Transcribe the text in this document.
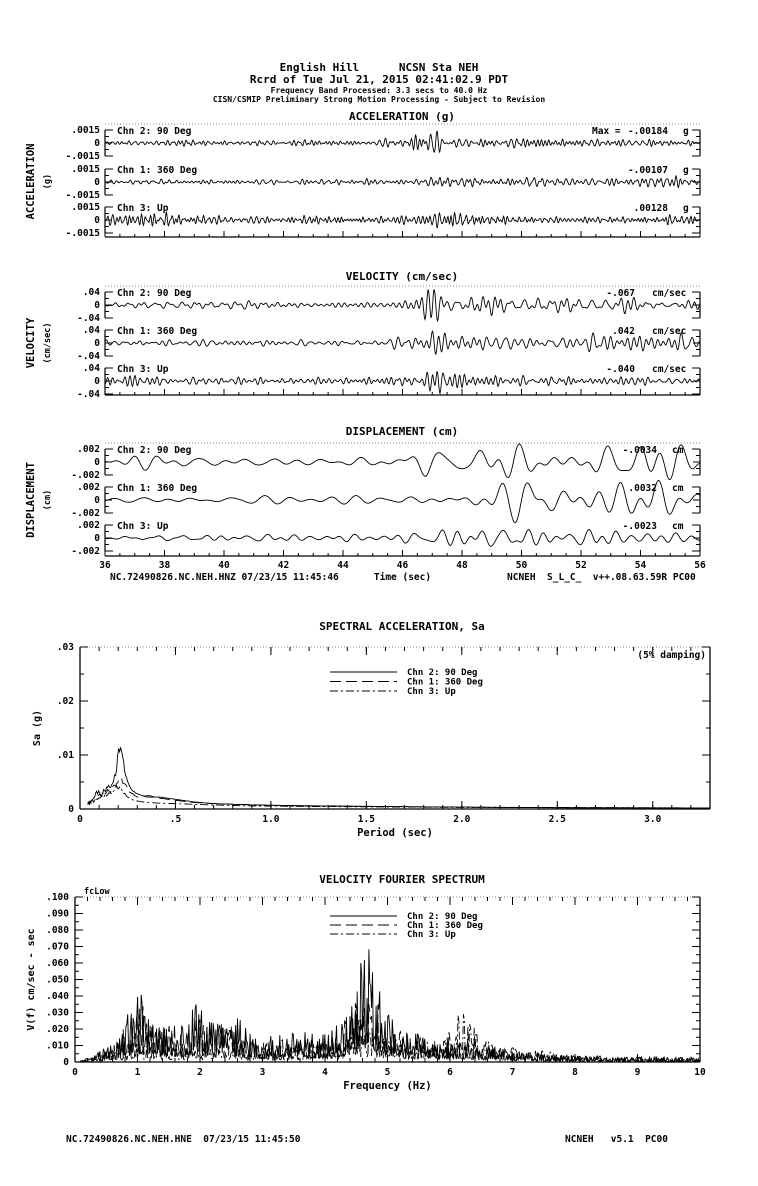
English Hill      NCSN Sta NEH
Rcrd of Tue Jul 21, 2015 02:41:02.9 PDT
Frequency Band Processed: 3.3 secs to 40.0 Hz
CISN/CSMIP Preliminary Strong Motion Processing - Subject to Revision
ACCELERATION (g)
VELOCITY (cm/sec)
DISPLACEMENT (cm)
SPECTRAL ACCELERATION, Sa
VELOCITY FOURIER SPECTRUM
ACCELERATION (g)
Chn 2: 90 Deg
.0015
0
-.0015
Max = -.00184 g
Chn 1: 360 Deg
.0015
0
-.0015
-.00107 g
Chn 3: Up
.0015
0
-.0015
.00128 g
VELOCITY (cm/sec)
Chn 2: 90 Deg
.04
0
-.04
-.067 cm/sec
Chn 1: 360 Deg
.04
0
-.04
.042 cm/sec
Chn 3: Up
.04
0
-.04
-.040 cm/sec
DISPLACEMENT (cm)
Chn 2: 90 Deg
.002
0
-.002
-.0034 cm
Chn 1: 360 Deg
.002
0
-.002
.0032 cm
Chn 3: Up
.002
0
-.002
-.0023 cm
36	38	40	42	44	46	48	50	52	54	56
Time (sec)
0
.01
.02
.03
0	.5	1.0	1.5	2.0	2.5	3.0
Period (sec)
Sa (g)
(5% damping)
Chn 2: 90 Deg
Chn 1: 360 Deg
Chn 3: Up
0
.010
.020
.030
.040
.050
.060
.070
.080
.090
.100
0	1	2	3	4	5	6	7	8	9	10
Frequency (Hz)
V(f) cm/sec - sec
fcLow
Chn 2: 90 Deg
Chn 1: 360 Deg
Chn 3: Up
NC.72490826.NC.NEH.HNZ 07/23/15 11:45:46	NCNEH  S_L_C_  v++.08.63.59R PC00
NC.72490826.NC.NEH.HNE  07/23/15 11:45:50	NCNEH   v5.1  PC00
